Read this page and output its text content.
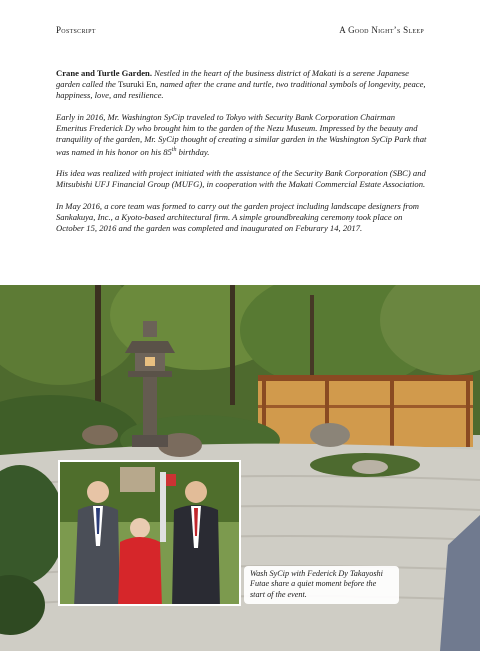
Postscript	A Good Night’s Sleep

Crane and Turtle Garden. Nestled in the heart of the business district of Makati is a serene Japanese garden called the Tsuruki En, named after the crane and turtle, two traditional symbols of longevity, peace, happiness, love, and resilience.

Early in 2016, Mr. Washington SyCip traveled to Tokyo with Security Bank Corporation Chairman Emeritus Frederick Dy who brought him to the garden of the Nezu Museum. Impressed by the beauty and tranquility of the garden, Mr. SyCip thought of creating a similar garden in the Washington SyCip Park that was named in his honor on his 85th birthday.

His idea was realized with project initiated with the assistance of the Security Bank Corporation (SBC) and Mitsubishi UFJ Financial Group (MUFG), in cooperation with the Makati Commercial Estate Association.

In May 2016, a core team was formed to carry out the garden project including landscape designers from Sankakuya, Inc., a Kyoto-based architectural firm. A simple groundbreaking ceremony took place on October 15, 2016 and the garden was completed and inaugurated on Feburary 14, 2017.

Wash SyCip with Federick Dy Takayoshi Futae share a quiet moment before the start of the event.
